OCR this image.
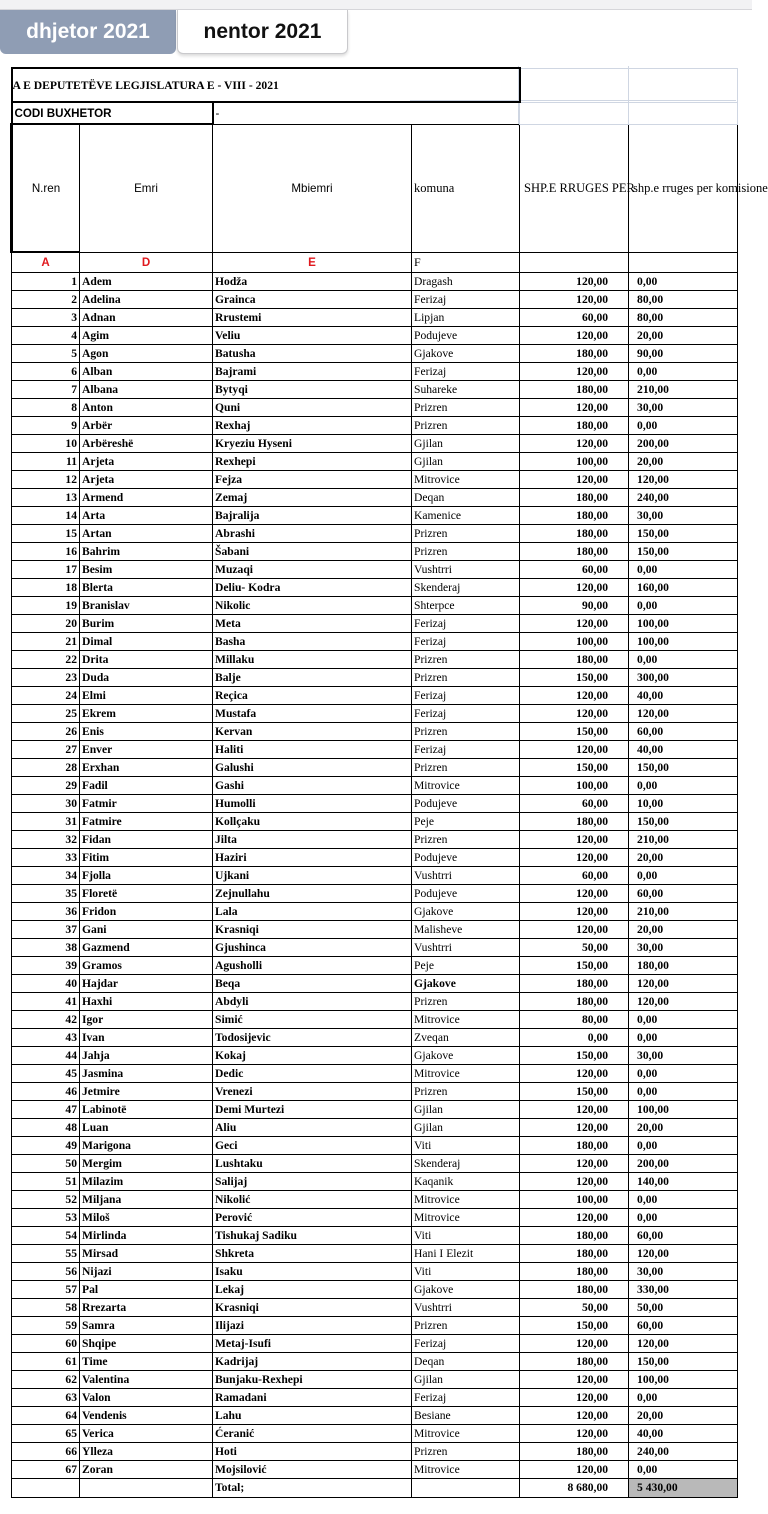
dhjetor 2021	nentor 2021
A E DEPUTETËVE LEGJISLATURA E - VIII - 2021					
CODI BUXHETOR		-			
N.ren	Emri	Mbiemri	komuna	SHP.E RRUGES PER	shp.e rruges per komisione
A	D	E	F		
1	Adem	Hodža	Dragash	120,00	0,00
2	Adelina	Grainca	Ferizaj	120,00	80,00
3	Adnan	Rrustemi	Lipjan	60,00	80,00
4	Agim	Veliu	Podujeve	120,00	20,00
5	Agon	Batusha	Gjakove	180,00	90,00
6	Alban	Bajrami	Ferizaj	120,00	0,00
7	Albana	Bytyqi	Suhareke	180,00	210,00
8	Anton	Quni	Prizren	120,00	30,00
9	Arbër	Rexhaj	Prizren	180,00	0,00
10	Arbëreshë	Kryeziu Hyseni	Gjilan	120,00	200,00
11	Arjeta	Rexhepi	Gjilan	100,00	20,00
12	Arjeta	Fejza	Mitrovice	120,00	120,00
13	Armend	Zemaj	Deqan	180,00	240,00
14	Arta	Bajralija	Kamenice	180,00	30,00
15	Artan	Abrashi	Prizren	180,00	150,00
16	Bahrim	Šabani	Prizren	180,00	150,00
17	Besim	Muzaqi	Vushtrri	60,00	0,00
18	Blerta	Deliu- Kodra	Skenderaj	120,00	160,00
19	Branislav	Nikolic	Shterpce	90,00	0,00
20	Burim	Meta	Ferizaj	120,00	100,00
21	Dimal	Basha	Ferizaj	100,00	100,00
22	Drita	Millaku	Prizren	180,00	0,00
23	Duda	Balje	Prizren	150,00	300,00
24	Elmi	Reçica	Ferizaj	120,00	40,00
25	Ekrem	Mustafa	Ferizaj	120,00	120,00
26	Enis	Kervan	Prizren	150,00	60,00
27	Enver	Haliti	Ferizaj	120,00	40,00
28	Erxhan	Galushi	Prizren	150,00	150,00
29	Fadil	Gashi	Mitrovice	100,00	0,00
30	Fatmir	Humolli	Podujeve	60,00	10,00
31	Fatmire	Kollçaku	Peje	180,00	150,00
32	Fidan	Jilta	Prizren	120,00	210,00
33	Fitim	Haziri	Podujeve	120,00	20,00
34	Fjolla	Ujkani	Vushtrri	60,00	0,00
35	Floretë	Zejnullahu	Podujeve	120,00	60,00
36	Fridon	Lala	Gjakove	120,00	210,00
37	Gani	Krasniqi	Malisheve	120,00	20,00
38	Gazmend	Gjushinca	Vushtrri	50,00	30,00
39	Gramos	Agusholli	Peje	150,00	180,00
40	Hajdar	Beqa	Gjakove	180,00	120,00
41	Haxhi	Abdyli	Prizren	180,00	120,00
42	Igor	Simić	Mitrovice	80,00	0,00
43	Ivan	Todosijevic	Zveqan	0,00	0,00
44	Jahja	Kokaj	Gjakove	150,00	30,00
45	Jasmina	Dedic	Mitrovice	120,00	0,00
46	Jetmire	Vrenezi	Prizren	150,00	0,00
47	Labinotë	Demi Murtezi	Gjilan	120,00	100,00
48	Luan	Aliu	Gjilan	120,00	20,00
49	Marigona	Geci	Viti	180,00	0,00
50	Mergim	Lushtaku	Skenderaj	120,00	200,00
51	Milazim	Salijaj	Kaqanik	120,00	140,00
52	Miljana	Nikolić	Mitrovice	100,00	0,00
53	Miloš	Perović	Mitrovice	120,00	0,00
54	Mirlinda	Tishukaj Sadiku	Viti	180,00	60,00
55	Mirsad	Shkreta	Hani I Elezit	180,00	120,00
56	Nijazi	Isaku	Viti	180,00	30,00
57	Pal	Lekaj	Gjakove	180,00	330,00
58	Rrezarta	Krasniqi	Vushtrri	50,00	50,00
59	Samra	Ilijazi	Prizren	150,00	60,00
60	Shqipe	Metaj-Isufi	Ferizaj	120,00	120,00
61	Time	Kadrijaj	Deqan	180,00	150,00
62	Valentina	Bunjaku-Rexhepi	Gjilan	120,00	100,00
63	Valon	Ramadani	Ferizaj	120,00	0,00
64	Vendenis	Lahu	Besiane	120,00	20,00
65	Verica	Ćeranić	Mitrovice	120,00	40,00
66	Ylleza	Hoti	Prizren	180,00	240,00
67	Zoran	Mojsilović	Mitrovice	120,00	0,00
		Total;		8 680,00	5 430,00
